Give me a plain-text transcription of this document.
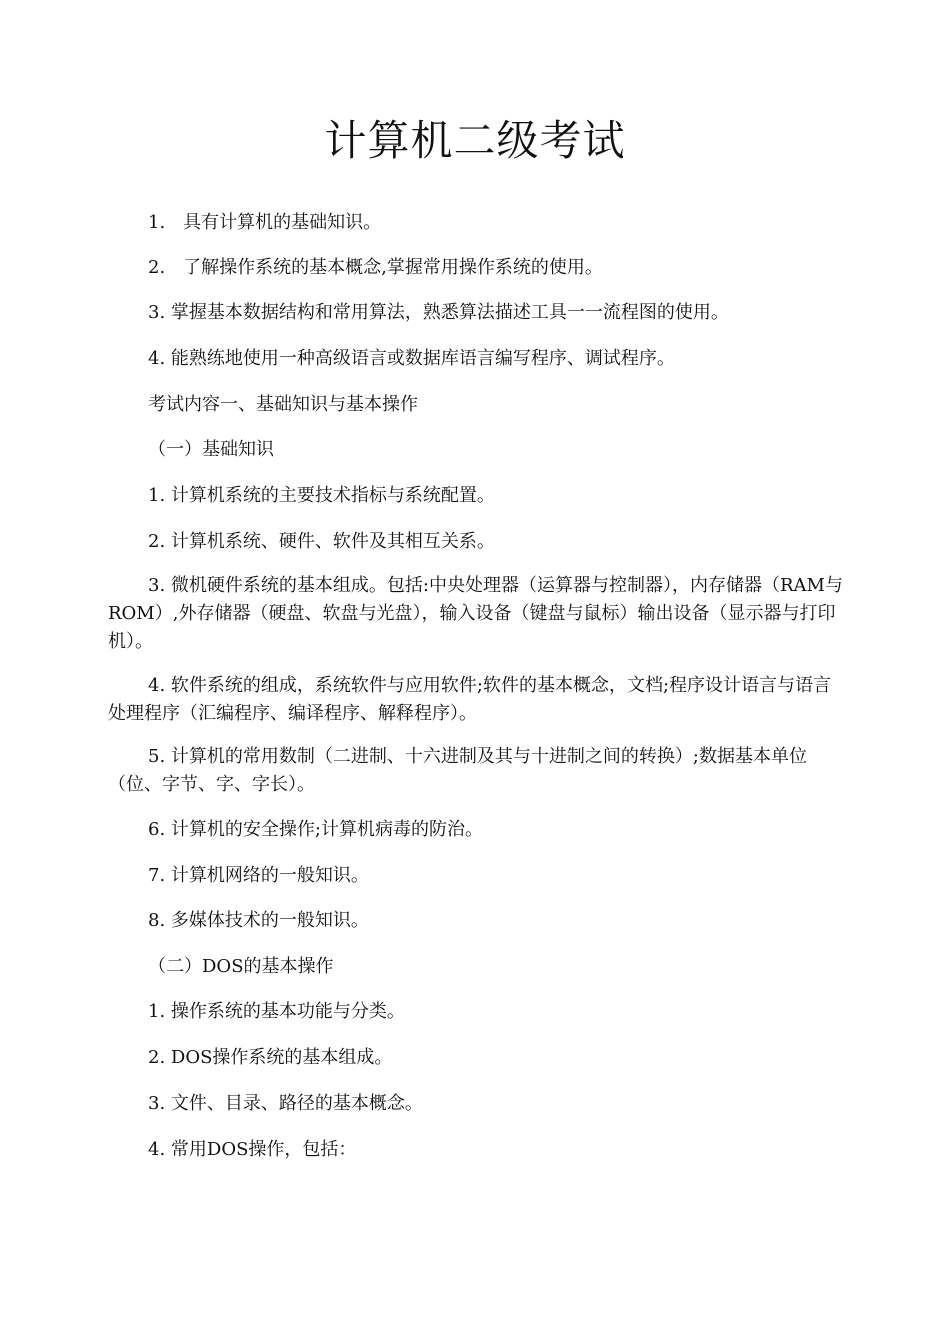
计算机二级考试

1.　具有计算机的基础知识。

2.　了解操作系统的基本概念,掌握常用操作系统的使用。

3. 掌握基本数据结构和常用算法，熟悉算法描述工具一一流程图的使用。

4. 能熟练地使用一种高级语言或数据库语言编写程序、调试程序。

考试内容一、基础知识与基本操作

（一）基础知识

1. 计算机系统的主要技术指标与系统配置。

2. 计算机系统、硬件、软件及其相互关系。

3. 微机硬件系统的基本组成。包括:中央处理器（运算器与控制器），内存储器（RAM与ROM）,外存储器（硬盘、软盘与光盘），输入设备（键盘与鼠标）输出设备（显示器与打印机）。

4. 软件系统的组成，系统软件与应用软件;软件的基本概念，文档;程序设计语言与语言处理程序（汇编程序、编译程序、解释程序）。

5. 计算机的常用数制（二进制、十六进制及其与十进制之间的转换）;数据基本单位（位、字节、字、字长）。

6. 计算机的安全操作;计算机病毒的防治。

7. 计算机网络的一般知识。

8. 多媒体技术的一般知识。

（二）DOS的基本操作

1. 操作系统的基本功能与分类。

2. DOS操作系统的基本组成。

3. 文件、目录、路径的基本概念。

4. 常用DOS操作，包括：
